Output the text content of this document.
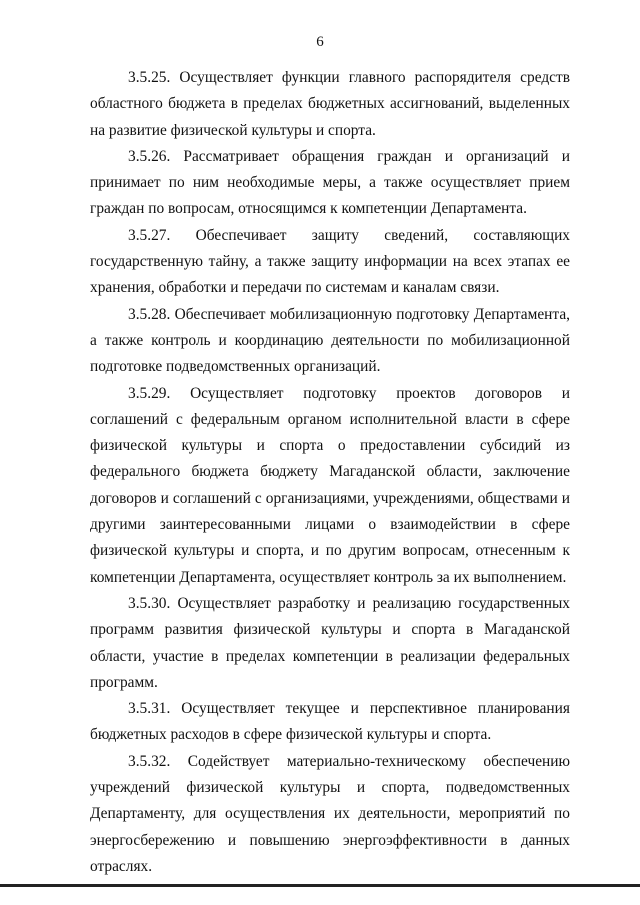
6

3.5.25. Осуществляет функции главного распорядителя средств областного бюджета в пределах бюджетных ассигнований, выделенных на развитие физической культуры и спорта.

3.5.26. Рассматривает обращения граждан и организаций и принимает по ним необходимые меры, а также осуществляет прием граждан по вопросам, относящимся к компетенции Департамента.

3.5.27. Обеспечивает защиту сведений, составляющих государственную тайну, а также защиту информации на всех этапах ее хранения, обработки и передачи по системам и каналам связи.

3.5.28. Обеспечивает мобилизационную подготовку Департамента, а также контроль и координацию деятельности по мобилизационной подготовке подведомственных организаций.

3.5.29. Осуществляет подготовку проектов договоров и соглашений с федеральным органом исполнительной власти в сфере физической культуры и спорта о предоставлении субсидий из федерального бюджета бюджету Магаданской области, заключение договоров и соглашений с организациями, учреждениями, обществами и другими заинтересованными лицами о взаимодействии в сфере физической культуры и спорта, и по другим вопросам, отнесенным к компетенции Департамента, осуществляет контроль за их выполнением.

3.5.30. Осуществляет разработку и реализацию государственных программ развития физической культуры и спорта в Магаданской области, участие в пределах компетенции в реализации федеральных программ.

3.5.31. Осуществляет текущее и перспективное планирования бюджетных расходов в сфере физической культуры и спорта.

3.5.32. Содействует материально-техническому обеспечению учреждений физической культуры и спорта, подведомственных Департаменту, для осуществления их деятельности, мероприятий по энергосбережению и повышению энергоэффективности в данных отраслях.
